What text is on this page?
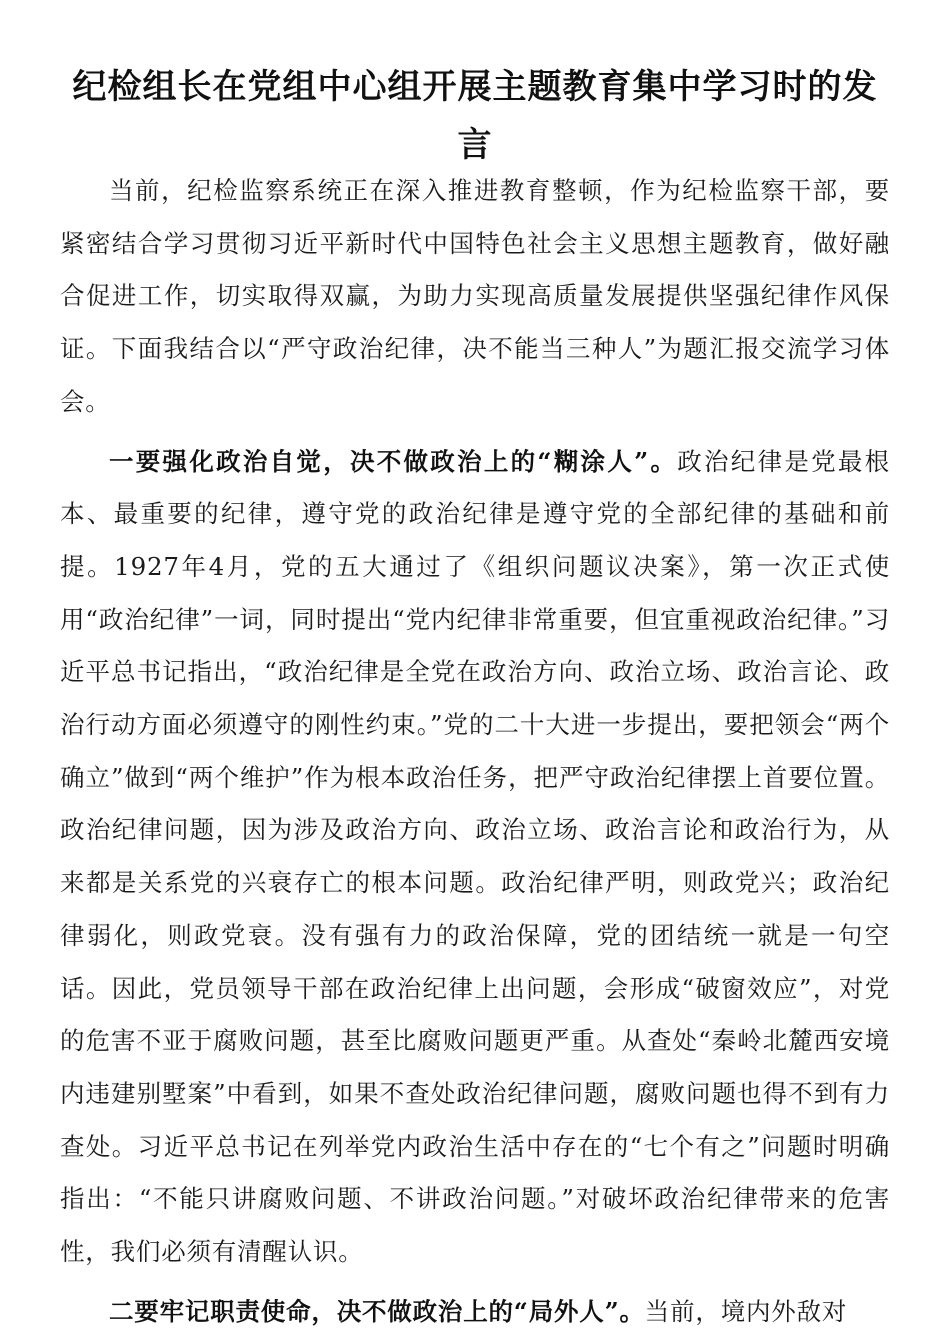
纪检组长在党组中心组开展主题教育集中学习时的发言

当前，纪检监察系统正在深入推进教育整顿，作为纪检监察干部，要紧密结合学习贯彻习近平新时代中国特色社会主义思想主题教育，做好融合促进工作，切实取得双赢，为助力实现高质量发展提供坚强纪律作风保证。下面我结合以“严守政治纪律，决不能当三种人”为题汇报交流学习体会。

一要强化政治自觉，决不做政治上的“糊涂人”。政治纪律是党最根本、最重要的纪律，遵守党的政治纪律是遵守党的全部纪律的基础和前提。1927年4月，党的五大通过了《组织问题议决案》，第一次正式使用“政治纪律”一词，同时提出“党内纪律非常重要，但宜重视政治纪律。”习近平总书记指出，“政治纪律是全党在政治方向、政治立场、政治言论、政治行动方面必须遵守的刚性约束。”党的二十大进一步提出，要把领会“两个确立”做到“两个维护”作为根本政治任务，把严守政治纪律摆上首要位置。政治纪律问题，因为涉及政治方向、政治立场、政治言论和政治行为，从来都是关系党的兴衰存亡的根本问题。政治纪律严明，则政党兴；政治纪律弱化，则政党衰。没有强有力的政治保障，党的团结统一就是一句空话。因此，党员领导干部在政治纪律上出问题，会形成“破窗效应”，对党的危害不亚于腐败问题，甚至比腐败问题更严重。从查处“秦岭北麓西安境内违建别墅案”中看到，如果不查处政治纪律问题，腐败问题也得不到有力查处。习近平总书记在列举党内政治生活中存在的“七个有之”问题时明确指出：“不能只讲腐败问题、不讲政治问题。”对破坏政治纪律带来的危害性，我们必须有清醒认识。

二要牢记职责使命，决不做政治上的“局外人”。当前，境内外敌对
